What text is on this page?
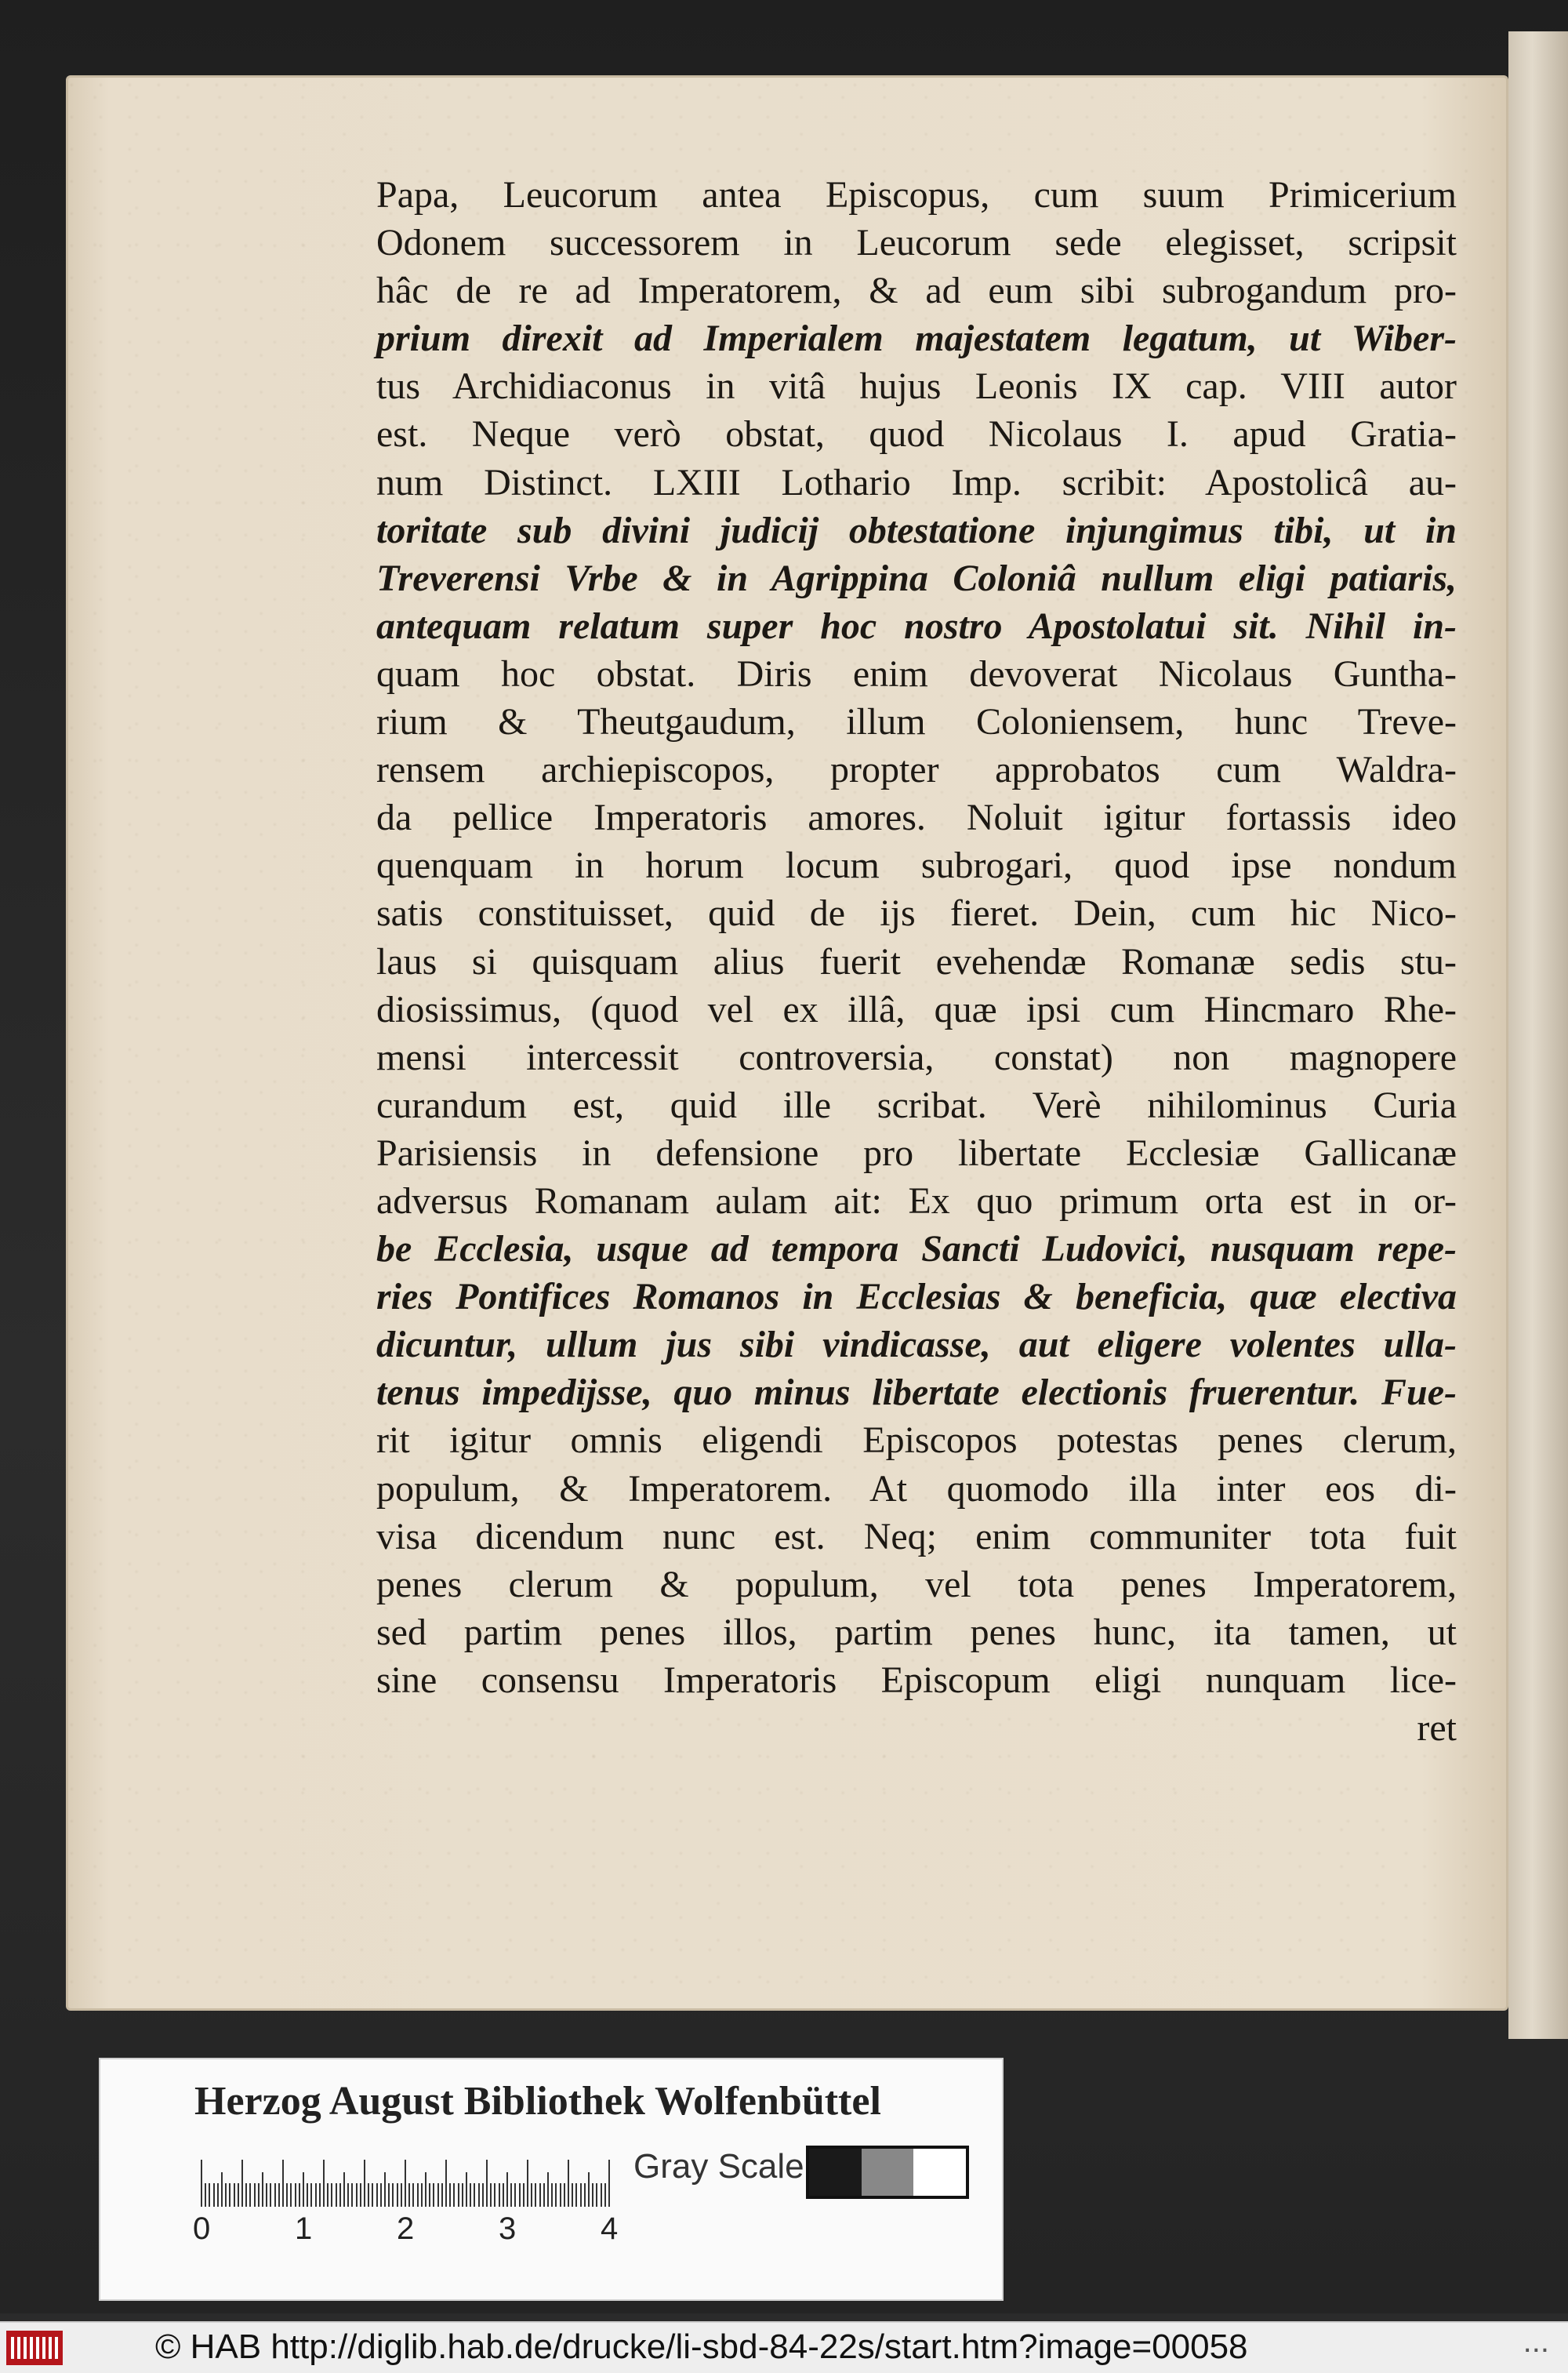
Papa, Leucorum antea Episcopus, cum suum Primicerium
Odonem successorem in Leucorum sede elegisset, scripsit
hâc de re ad Imperatorem, & ad eum sibi subrogandum pro-
prium direxit ad Imperialem majestatem legatum, ut Wiber-
tus Archidiaconus in vitâ hujus Leonis IX cap. VIII autor
est. Neque verò obstat, quod Nicolaus I. apud Gratia-
num Distinct. LXIII Lothario Imp. scribit: Apostolicâ au-
toritate sub divini judicij obtestatione injungimus tibi, ut in
Treverensi Vrbe & in Agrippina Coloniâ nullum eligi patiaris,
antequam relatum super hoc nostro Apostolatui sit. Nihil in-
quam hoc obstat. Diris enim devoverat Nicolaus Guntha-
rium & Theutgaudum, illum Coloniensem, hunc Treve-
rensem archiepiscopos, propter approbatos cum Waldra-
da pellice Imperatoris amores. Noluit igitur fortassis ideo
quenquam in horum locum subrogari, quod ipse nondum
satis constituisset, quid de ijs fieret. Dein, cum hic Nico-
laus si quisquam alius fuerit evehendæ Romanæ sedis stu-
diosissimus, (quod vel ex illâ, quæ ipsi cum Hincmaro Rhe-
mensi intercessit controversia, constat) non magnopere
curandum est, quid ille scribat. Verè nihilominus Curia
Parisiensis in defensione pro libertate Ecclesiæ Gallicanæ
adversus Romanam aulam ait: Ex quo primum orta est in or-
be Ecclesia, usque ad tempora Sancti Ludovici, nusquam repe-
ries Pontifices Romanos in Ecclesias & beneficia, quæ electiva
dicuntur, ullum jus sibi vindicasse, aut eligere volentes ulla-
tenus impedijsse, quo minus libertate electionis fruerentur. Fue-
rit igitur omnis eligendi Episcopos potestas penes clerum,
populum, & Imperatorem. At quomodo illa inter eos di-
visa dicendum nunc est. Neq; enim communiter tota fuit
penes clerum & populum, vel tota penes Imperatorem,
sed partim penes illos, partim penes hunc, ita tamen, ut
sine consensu Imperatoris Episcopum eligi nunquam lice-
ret
Herzog August Bibliothek Wolfenbüttel
0	1	2	3	4
Gray Scale
© HAB http://diglib.hab.de/drucke/li-sbd-84-22s/start.htm?image=00058	...
